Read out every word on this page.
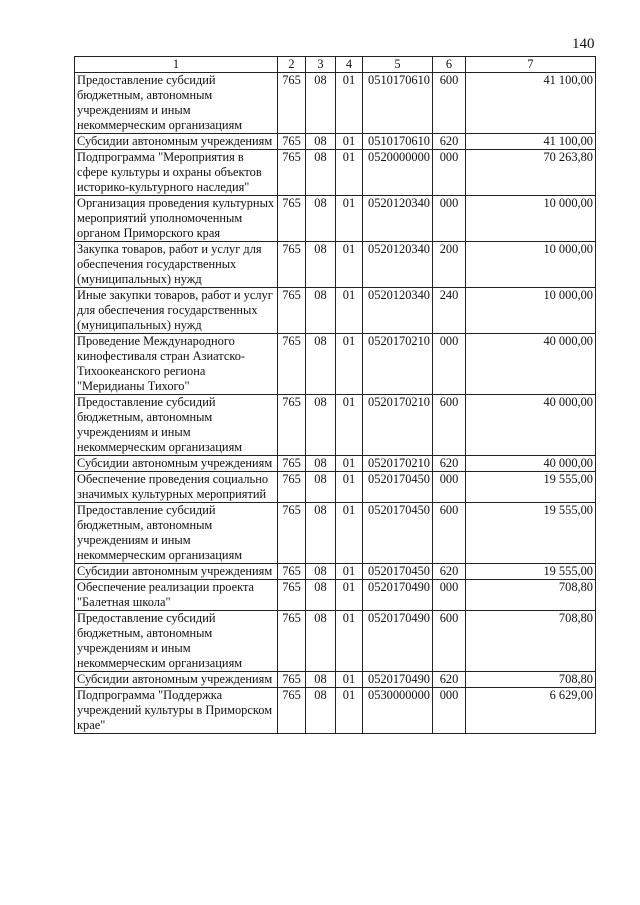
140
1	2	3	4	5	6	7
Предоставление субсидий бюджетным, автономным учреждениям и иным некоммерческим организациям	765	08	01	0510170610	600	41 100,00
Субсидии автономным учреждениям	765	08	01	0510170610	620	41 100,00
Подпрограмма "Мероприятия в сфере культуры и охраны объектов историко-культурного наследия"	765	08	01	0520000000	000	70 263,80
Организация проведения культурных мероприятий уполномоченным органом Приморского края	765	08	01	0520120340	000	10 000,00
Закупка товаров, работ и услуг для обеспечения государственных (муниципальных) нужд	765	08	01	0520120340	200	10 000,00
Иные закупки товаров, работ и услуг для обеспечения государственных (муниципальных) нужд	765	08	01	0520120340	240	10 000,00
Проведение Международного кинофестиваля стран Азиатско-Тихоокеанского региона "Меридианы Тихого"	765	08	01	0520170210	000	40 000,00
Предоставление субсидий бюджетным, автономным учреждениям и иным некоммерческим организациям	765	08	01	0520170210	600	40 000,00
Субсидии автономным учреждениям	765	08	01	0520170210	620	40 000,00
Обеспечение проведения социально значимых культурных мероприятий	765	08	01	0520170450	000	19 555,00
Предоставление субсидий бюджетным, автономным учреждениям и иным некоммерческим организациям	765	08	01	0520170450	600	19 555,00
Субсидии автономным учреждениям	765	08	01	0520170450	620	19 555,00
Обеспечение реализации проекта "Балетная школа"	765	08	01	0520170490	000	708,80
Предоставление субсидий бюджетным, автономным учреждениям и иным некоммерческим организациям	765	08	01	0520170490	600	708,80
Субсидии автономным учреждениям	765	08	01	0520170490	620	708,80
Подпрограмма "Поддержка учреждений культуры в Приморском крае"	765	08	01	0530000000	000	6 629,00
